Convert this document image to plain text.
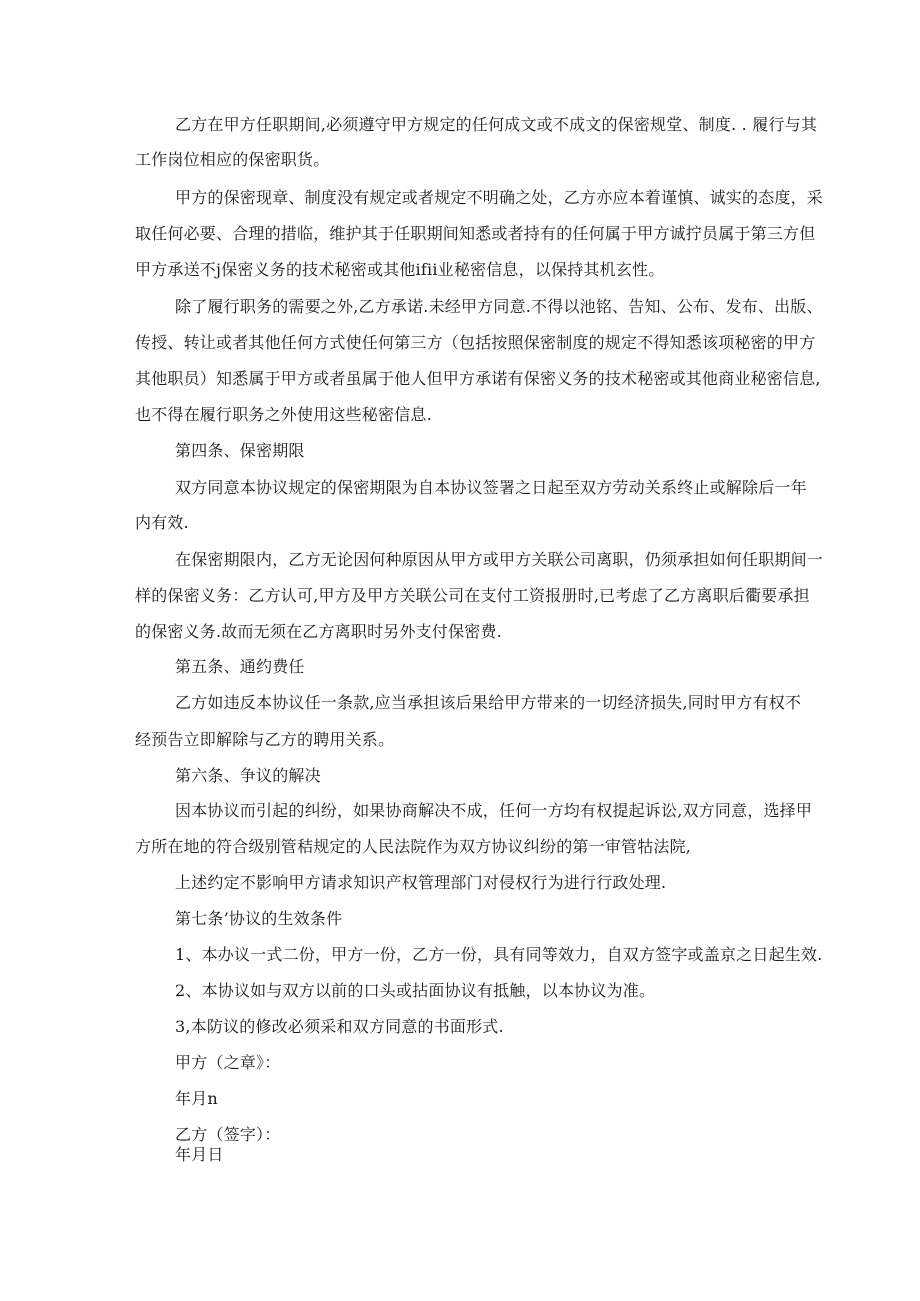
乙方在甲方任职期间,必须遵守甲方规定的任何成文或不成文的保密规堂、制度. . 履行与其
工作岗位相应的保密职货。
甲方的保密现章、制度没有规定或者规定不明确之处，乙方亦应本着谨慎、诚实的态度，采
取任何必要、合理的措临，维护其于任职期间知悉或者持有的任何属于甲方诚拧员属于第三方但
甲方承送不j保密义务的技术秘密或其他ifii业秘密信息，以保持其机玄性。
除了履行职务的需要之外,乙方承诺.未经甲方同意.不得以池铭、告知、公布、发布、出版、
传授、转让或者其他任何方式使任何第三方（包括按照保密制度的规定不得知悉该项秘密的甲方
其他职员）知悉属于甲方或者虽属于他人但甲方承诺有保密义务的技术秘密或其他商业秘密信息,
也不得在履行职务之外使用这些秘密信息.
第四条、保密期限
双方同意本协议规定的保密期限为自本协议签署之日起至双方劳动关系终止或解除后一年
内有效.
在保密期限内，乙方无论因何种原因从甲方或甲方关联公司离职，仍须承担如何任职期间一
样的保密义务：乙方认可,甲方及甲方关联公司在支付工资报册时,已考虑了乙方离职后衢要承担
的保密义务.故而无须在乙方离职时另外支付保密费.
第五条、通约费任
乙方如违反本协议任一条款,应当承担该后果给甲方带来的一切经济损失,同时甲方有权不
经预告立即解除与乙方的聘用关系。
第六条、争议的解决
因本协议而引起的纠纷，如果协商解决不成，任何一方均有权提起诉讼,双方同意，选择甲
方所在地的符合级别管秸规定的人民法院作为双方协议纠纷的第一审管牯法院,
上述约定不影响甲方请求知识产权管理部门对侵权行为进行行政处理.
第七条’协议的生效条件
1、本办议一式二份，甲方一份，乙方一份，具有同等效力，自双方签字或盖京之日起生效.
2、本协议如与双方以前的口头或拈面协议有抵触，以本协议为准。
3,本防议的修改必须采和双方同意的书面形式.
甲方（之章》：
年月n
乙方（签字）：
年月日
